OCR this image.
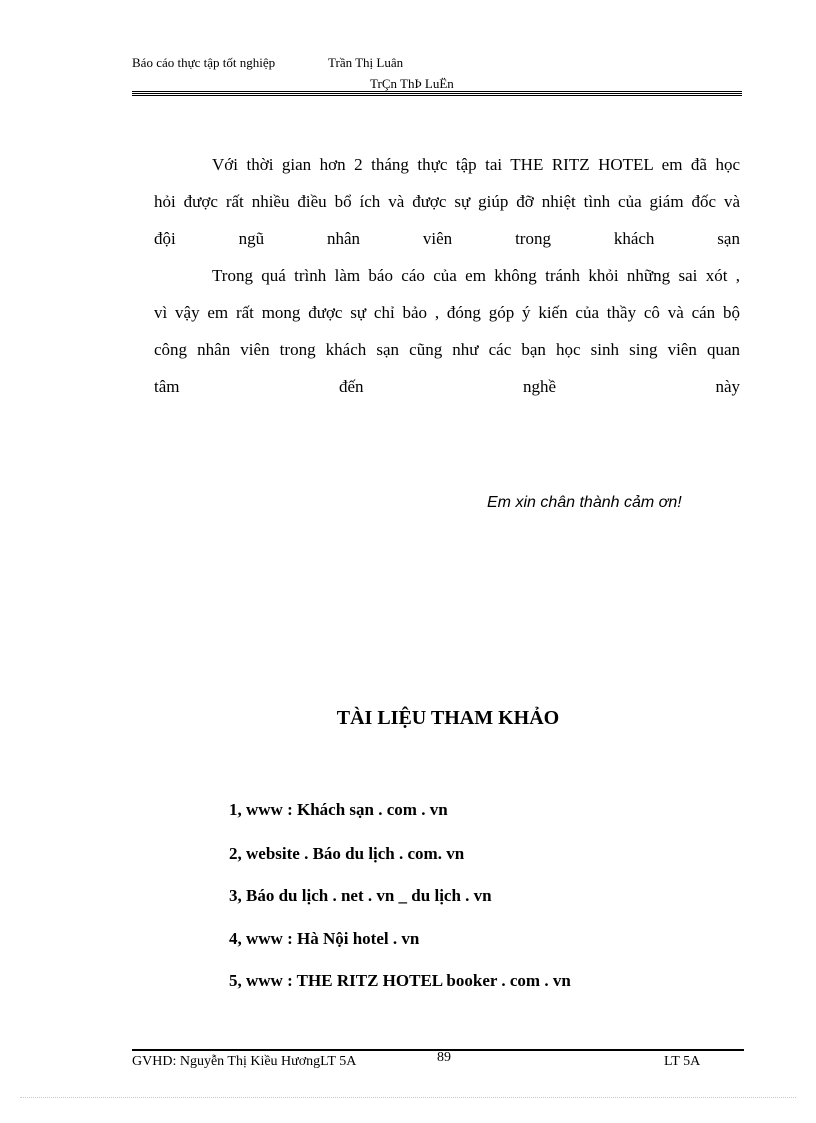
Báo cáo thực tập tốt nghiệp	Trần Thị Luân
TrÇn ThÞ LuËn
Với thời gian hơn 2 tháng thực tập tai THE RITZ HOTEL em đã học
hỏi được rất nhiều điều bổ ích và được sự giúp đỡ nhiệt tình của giám đốc và
đội	ngũ	nhân	viên	trong	khách	sạn
Trong quá trình làm báo cáo của em không tránh khỏi những sai xót ,
vì vậy em rất mong được sự chỉ bảo , đóng góp ý kiến của thầy cô và cán bộ
công nhân viên trong khách sạn cũng như các bạn học sinh sing viên quan
tâm	đến	nghề	này
Em xin chân thành cảm ơn!
TÀI LIỆU THAM KHẢO
1, www : Khách sạn . com . vn
2, website . Báo du lịch . com. vn
3, Báo du lịch . net . vn _ du lịch . vn
4, www : Hà Nội hotel . vn
5, www : THE RITZ HOTEL booker . com . vn
GVHD: Nguyễn Thị Kiều HươngLT 5A	89	LT 5A
